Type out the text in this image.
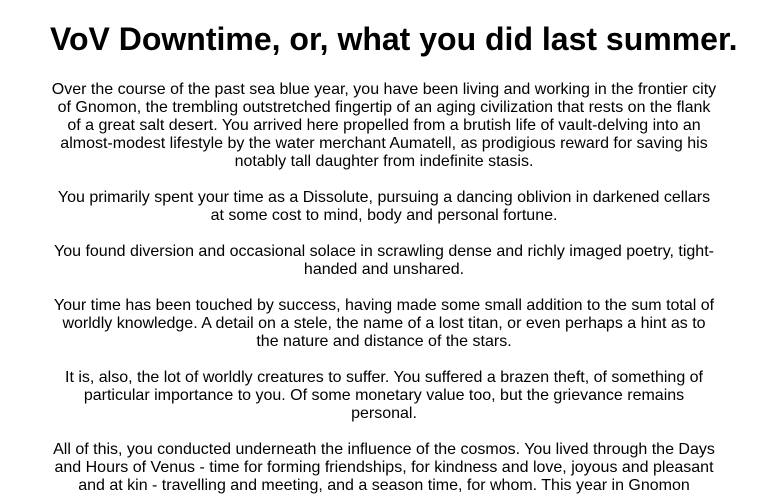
VoV Downtime, or, what you did last summer.

Over the course of the past sea blue year, you have been living and working in the frontier city of Gnomon, the trembling outstretched fingertip of an aging civilization that rests on the flank of a great salt desert. You arrived here propelled from a brutish life of vault-delving into an almost-modest lifestyle by the water merchant Aumatell, as prodigious reward for saving his notably tall daughter from indefinite stasis.

You primarily spent your time as a Dissolute, pursuing a dancing oblivion in darkened cellars at some cost to mind, body and personal fortune.

You found diversion and occasional solace in scrawling dense and richly imaged poetry, tight-handed and unshared.

Your time has been touched by success, having made some small addition to the sum total of worldly knowledge. A detail on a stele, the name of a lost titan, or even perhaps a hint as to the nature and distance of the stars.

It is, also, the lot of worldly creatures to suffer. You suffered a brazen theft, of something of particular importance to you. Of some monetary value too, but the grievance remains personal.

All of this, you conducted underneath the influence of the cosmos. You lived through the Days and Hours of Venus - time for forming friendships, for kindness and love, joyous and pleasant and at kin - travelling and meeting, and a season time, for whom. This year in Gnomon
